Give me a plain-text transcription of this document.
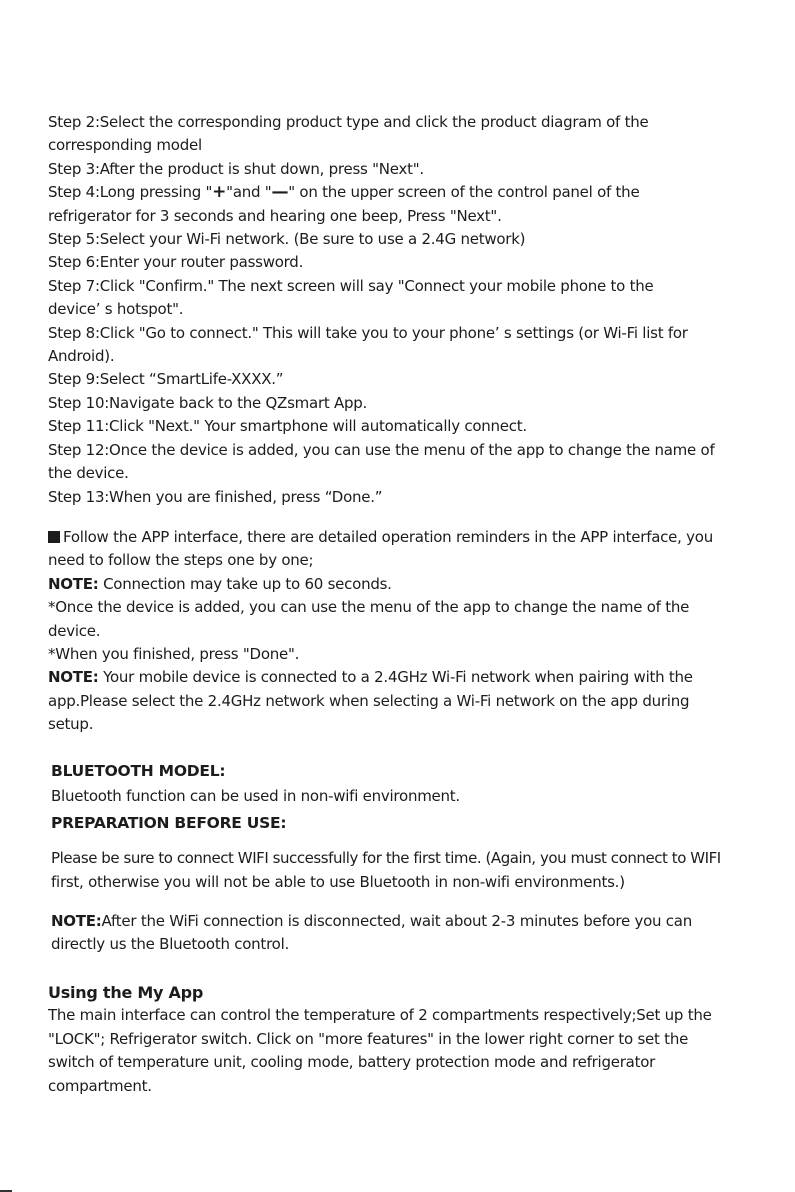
Step 2:Select the corresponding product type and click the product diagram of the
corresponding model
Step 3:After the product is shut down, press "Next".
Step 4:Long pressing "+"and "—" on the upper screen of the control panel of the
refrigerator for 3 seconds and hearing one beep, Press "Next".
Step 5:Select your Wi-Fi network. (Be sure to use a 2.4G network)
Step 6:Enter your router password.
Step 7:Click "Confirm." The next screen will say "Connect your mobile phone to the
device’ s hotspot".
Step 8:Click "Go to connect." This will take you to your phone’ s settings (or Wi-Fi list for
Android).
Step 9:Select “SmartLife-XXXX.”
Step 10:Navigate back to the QZsmart App.
Step 11:Click "Next." Your smartphone will automatically connect.
Step 12:Once the device is added, you can use the menu of the app to change the name of
the device.
Step 13:When you are finished, press “Done.”
Follow the APP interface, there are detailed operation reminders in the APP interface, you
need to follow the steps one by one;
NOTE: Connection may take up to 60 seconds.
*Once the device is added, you can use the menu of the app to change the name of the
device.
*When you finished, press "Done".
NOTE: Your mobile device is connected to a 2.4GHz Wi-Fi network when pairing with the
app.Please select the 2.4GHz network when selecting a Wi-Fi network on the app during
setup.
BLUETOOTH MODEL:
Bluetooth function can be used in non-wifi environment.
PREPARATION BEFORE USE:
Please be sure to connect WIFI successfully for the first time. (Again, you must connect to WIFI
first, otherwise you will not be able to use Bluetooth in non-wifi environments.)
NOTE:After the WiFi connection is disconnected, wait about 2-3 minutes before you can
directly us the Bluetooth control.
Using the My App
The main interface can control the temperature of 2 compartments respectively;Set up the
"LOCK"; Refrigerator switch. Click on "more features" in the lower right corner to set the
switch of temperature unit, cooling mode, battery protection mode and refrigerator
compartment.
